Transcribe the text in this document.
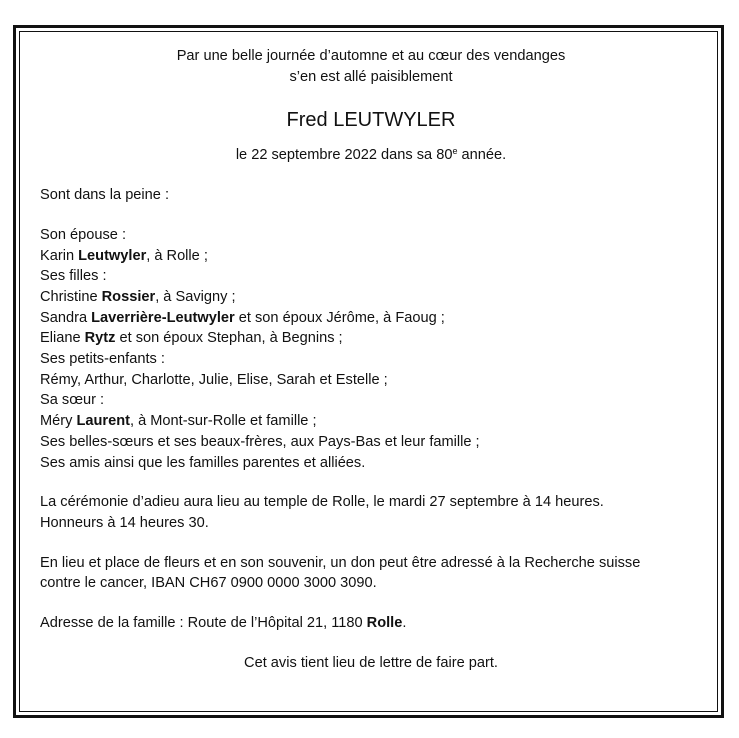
Par une belle journée d’automne et au cœur des vendanges
s’en est allé paisiblement
Fred LEUTWYLER
le 22 septembre 2022 dans sa 80e année.
Sont dans la peine :
Son épouse :
Karin Leutwyler, à Rolle ;
Ses filles :
Christine Rossier, à Savigny ;
Sandra Laverrière-Leutwyler et son époux Jérôme, à Faoug ;
Eliane Rytz et son époux Stephan, à Begnins ;
Ses petits-enfants :
Rémy, Arthur, Charlotte, Julie, Elise, Sarah et Estelle ;
Sa sœur :
Méry Laurent, à Mont-sur-Rolle et famille ;
Ses belles-sœurs et ses beaux-frères, aux Pays-Bas et leur famille ;
Ses amis ainsi que les familles parentes et alliées.
La cérémonie d’adieu aura lieu au temple de Rolle, le mardi 27 septembre à 14 heures.
Honneurs à 14 heures 30.
En lieu et place de fleurs et en son souvenir, un don peut être adressé à la Recherche suisse
contre le cancer, IBAN CH67 0900 0000 3000 3090.
Adresse de la famille : Route de l’Hôpital 21, 1180 Rolle.
Cet avis tient lieu de lettre de faire part.
